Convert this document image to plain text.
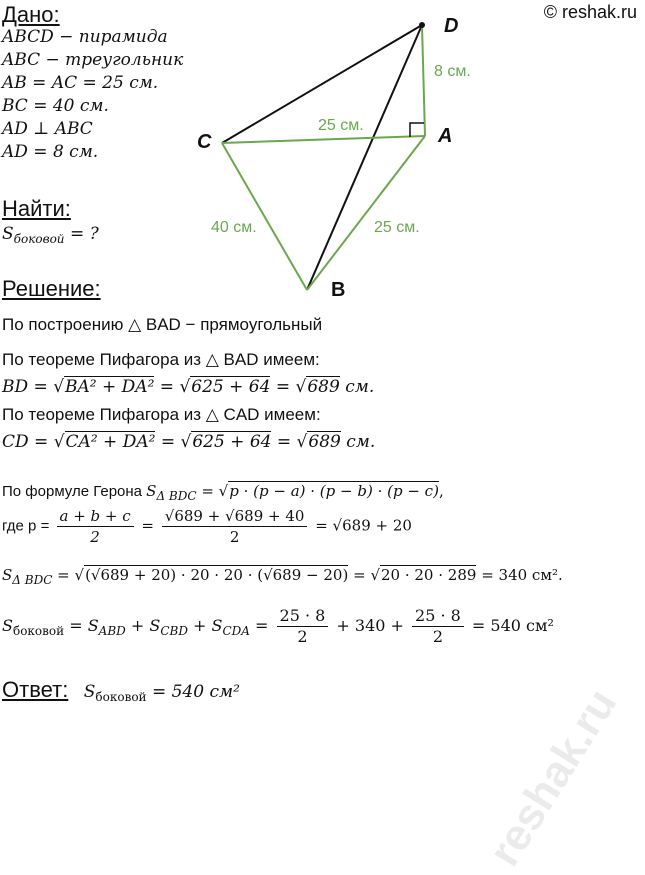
© reshak.ru
Дано:
ABCD − пирамида
ABC − треугольник
AB = AC = 25 см.
BC = 40 см.
AD ⊥ ABC
AD = 8 см.
Найти:
$S_{боковой}$ = ?
D
A
C
B
8 см.
25 см.
40 см.	25 см.
Решение:
По построению △ BAD − прямоугольный
По теореме Пифагора из △ BAD имеем:
BD = √BA² + DA² = √625 + 64 = √689 см.
По теореме Пифагора из △ CAD имеем:
CD = √CA² + DA² = √625 + 64 = √689 см.
По формуле Герона $S_{\Delta BDC} = √p \cdot (p - a) \cdot (p - b) \cdot (p - c)$,
где $p = \frac{a + b + c}{2} = \frac{√689 + √689 + 40}{2} = √689 + 20$
$S_{\Delta BDC} = √(√689 + 20) \cdot 20 \cdot 20 \cdot (√689 - 20) = √20 \cdot 20 \cdot 289 = 340$ см².
$S_{боковой} = S_{ABD} + S_{CBD} + S_{CDA} = \frac{25 \cdot 8}{2} + 340 + \frac{25 \cdot 8}{2} = 540$ см²
Ответ: $S_{боковой} = 540$ см²	reshak.ru
